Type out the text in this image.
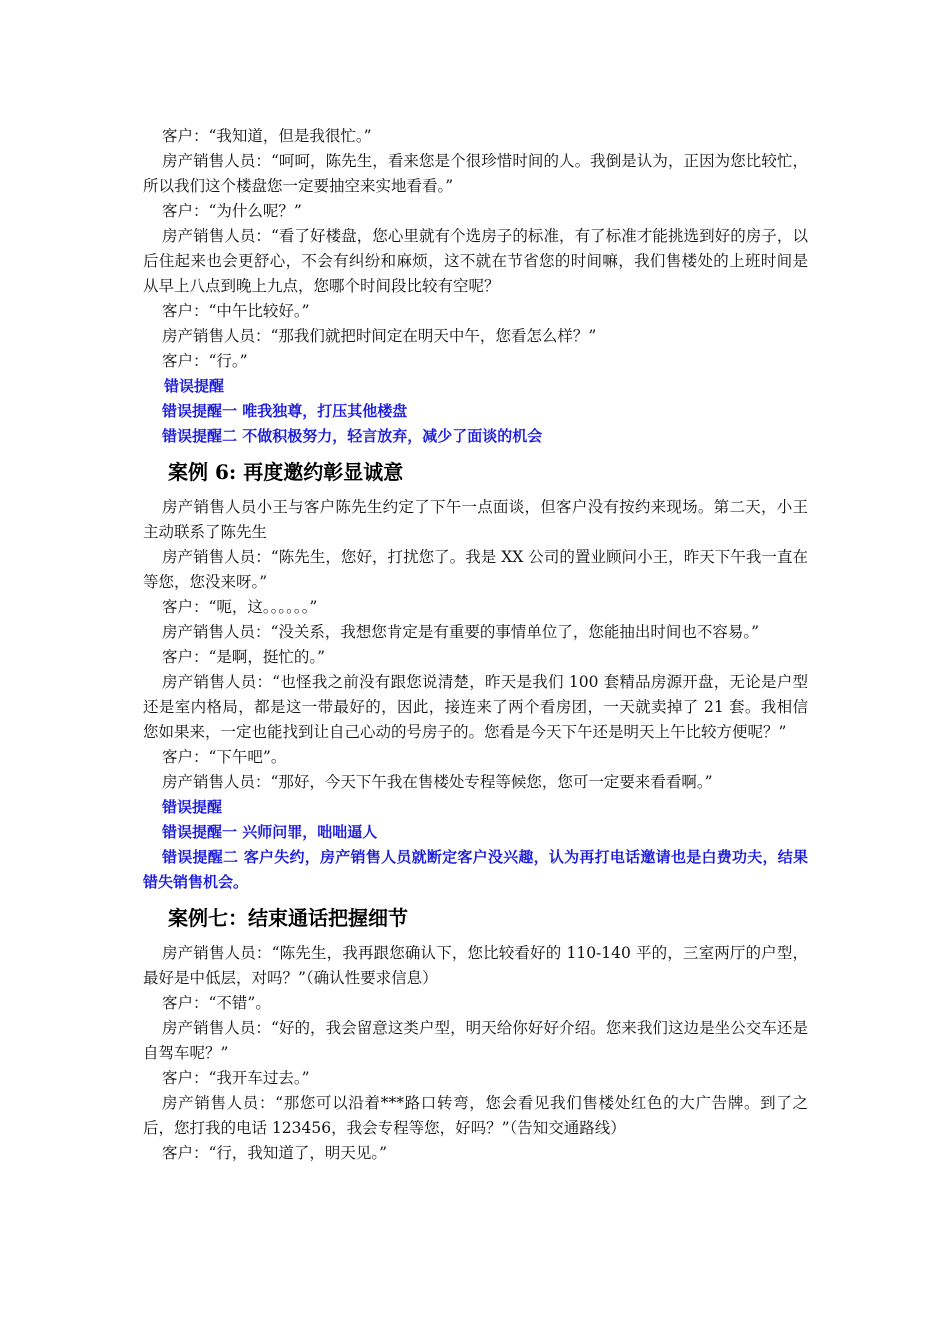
客户：“我知道，但是我很忙。”

房产销售人员：“呵呵，陈先生，看来您是个很珍惜时间的人。我倒是认为，正因为您比较忙，所以我们这个楼盘您一定要抽空来实地看看。”

客户：“为什么呢？”

房产销售人员：“看了好楼盘，您心里就有个选房子的标准，有了标准才能挑选到好的房子，以后住起来也会更舒心，不会有纠纷和麻烦，这不就在节省您的时间嘛，我们售楼处的上班时间是从早上八点到晚上九点，您哪个时间段比较有空呢？

客户：“中午比较好。”

房产销售人员：“那我们就把时间定在明天中午，您看怎么样？”

客户：“行。”

错误提醒

错误提醒一 唯我独尊，打压其他楼盘

错误提醒二 不做积极努力，轻言放弃，减少了面谈的机会

案例 6: 再度邀约彰显诚意

房产销售人员小王与客户陈先生约定了下午一点面谈，但客户没有按约来现场。第二天，小王主动联系了陈先生

房产销售人员：“陈先生，您好，打扰您了。我是 XX 公司的置业顾问小王，昨天下午我一直在等您，您没来呀。”

客户：“呃，这。。。。。。”

房产销售人员：“没关系，我想您肯定是有重要的事情单位了，您能抽出时间也不容易。”

客户：“是啊，挺忙的。”

房产销售人员：“也怪我之前没有跟您说清楚，昨天是我们 100 套精品房源开盘，无论是户型还是室内格局，都是这一带最好的，因此，接连来了两个看房团，一天就卖掉了 21 套。我相信您如果来，一定也能找到让自己心动的号房子的。您看是今天下午还是明天上午比较方便呢？”

客户：“下午吧”。

房产销售人员：“那好，今天下午我在售楼处专程等候您，您可一定要来看看啊。”

错误提醒

错误提醒一 兴师问罪，咄咄逼人

错误提醒二 客户失约，房产销售人员就断定客户没兴趣，认为再打电话邀请也是白费功夫，结果错失销售机会。

案例七：结束通话把握细节

房产销售人员：“陈先生，我再跟您确认下，您比较看好的 110-140 平的，三室两厅的户型，最好是中低层，对吗？”（确认性要求信息）

客户：“不错”。

房产销售人员：“好的，我会留意这类户型，明天给你好好介绍。您来我们这边是坐公交车还是自驾车呢？”

客户：“我开车过去。”

房产销售人员：“那您可以沿着***路口转弯，您会看见我们售楼处红色的大广告牌。到了之后，您打我的电话 123456，我会专程等您，好吗？”（告知交通路线）

客户：“行，我知道了，明天见。”
